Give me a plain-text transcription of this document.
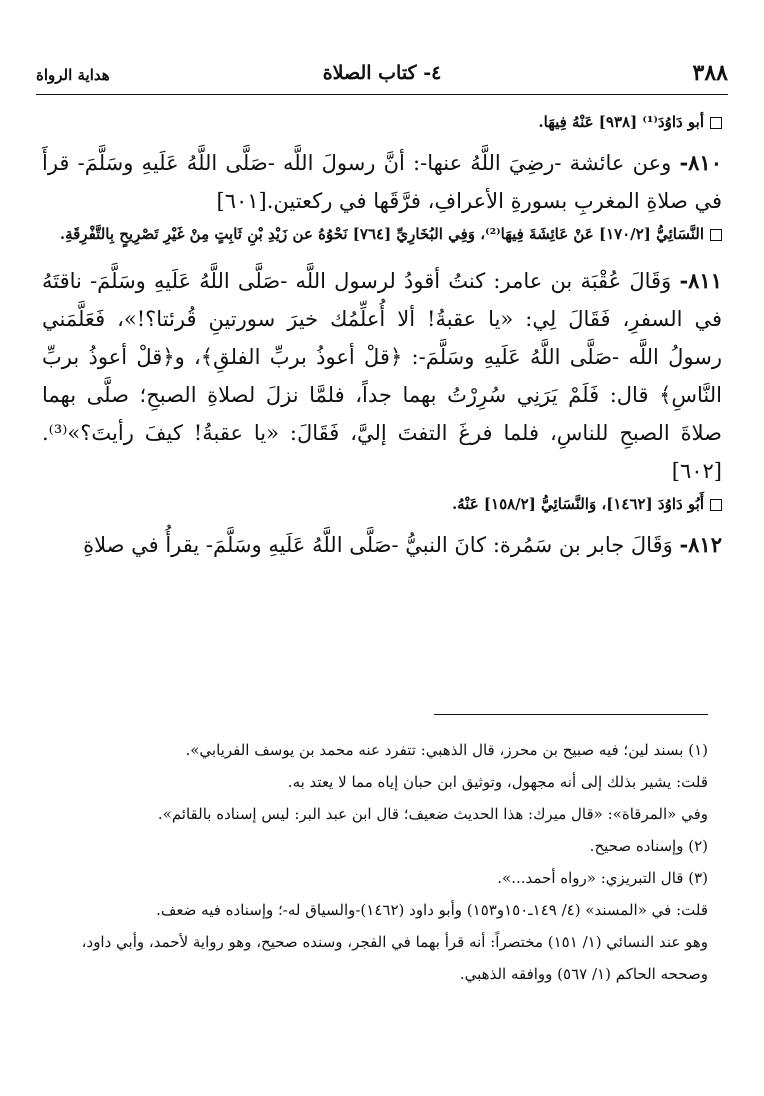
هداية الرواة	٤- كتاب الصلاة	٣٨٨

أبو دَاوُدَ⁽¹⁾ [٩٣٨] عَنْهُ فِيهَا.

٨١٠- وعن عائشة -رضِيَ اللَّهُ عنها-: أنَّ رسولَ اللَّه -صَلَّى اللَّهُ عَلَيهِ وسَلَّمَ- قرأَ في صلاةِ المغربِ بسورةِ الأعرافِ، فرَّقَها في ركعتين.[٦٠١]

النَّسَائِيُّ [١٧٠/٢] عَنْ عَائِشَةَ فِيهَا⁽²⁾، وَفِي البُخَارِيِّ [٧٦٤] نَحْوُهُ عن زَيْدِ بْنِ ثَابِتٍ مِنْ غَيْرِ تَصْرِيحٍ بِالتَّفْرِقَةِ.

٨١١- وَقَالَ عُقْبَة بن عامر: كنتُ أقودُ لرسول اللَّه -صَلَّى اللَّهُ عَلَيهِ وسَلَّمَ- ناقتَهُ في السفرِ، فَقَالَ لِي: «يا عقبةُ! ألا أُعلِّمُك خيرَ سورتينِ قُرئتا؟!»، فَعَلَّمَني رسولُ اللَّه -صَلَّى اللَّهُ عَلَيهِ وسَلَّمَ-: ﴿قلْ أعوذُ بربِّ الفلقِ﴾، و﴿قلْ أعوذُ بربِّ النَّاسِ﴾ قال: فَلَمْ يَرَنِي سُرِرْتُ بهما جداً، فلمَّا نزلَ لصلاةِ الصبحِ؛ صلَّى بهما صلاةَ الصبحِ للناسِ، فلما فرغَ التفتَ إليَّ، فَقَالَ: «يا عقبةُ! كيفَ رأيتَ؟»⁽³⁾.[٦٠٢]

أَبُو دَاوُدَ [١٤٦٢]، وَالنَّسَائِيُّ [١٥٨/٢] عَنْهُ.

٨١٢- وَقَالَ جابر بن سَمُرة: كانَ النبيُّ -صَلَّى اللَّهُ عَلَيهِ وسَلَّمَ- يقرأُ في صلاةِ

(١) بسند لين؛ فيه صبيح بن محرز، قال الذهبي: تتفرد عنه محمد بن يوسف الفريابي».

قلت: يشير بذلك إلى أنه مجهول، وتوثيق ابن حبان إياه مما لا يعتد به.

وفي «المرقاة»: «قال ميرك: هذا الحديث ضعيف؛ قال ابن عبد البر: ليس إسناده بالقائم».

(٢) وإسناده صحيح.

(٣) قال التبريزي: «رواه أحمد...».

قلت: في «المسند» (٤/ ١٤٩ـ١٥٠و١٥٣) وأبو داود (١٤٦٢)-والسياق له-؛ وإسناده فيه ضعف.

وهو عند النسائي (١/ ١٥١) مختصراً: أنه قرأ بهما في الفجر، وسنده صحيح، وهو رواية لأحمد، وأبي داود، وصححه الحاكم (١/ ٥٦٧) ووافقه الذهبي.
